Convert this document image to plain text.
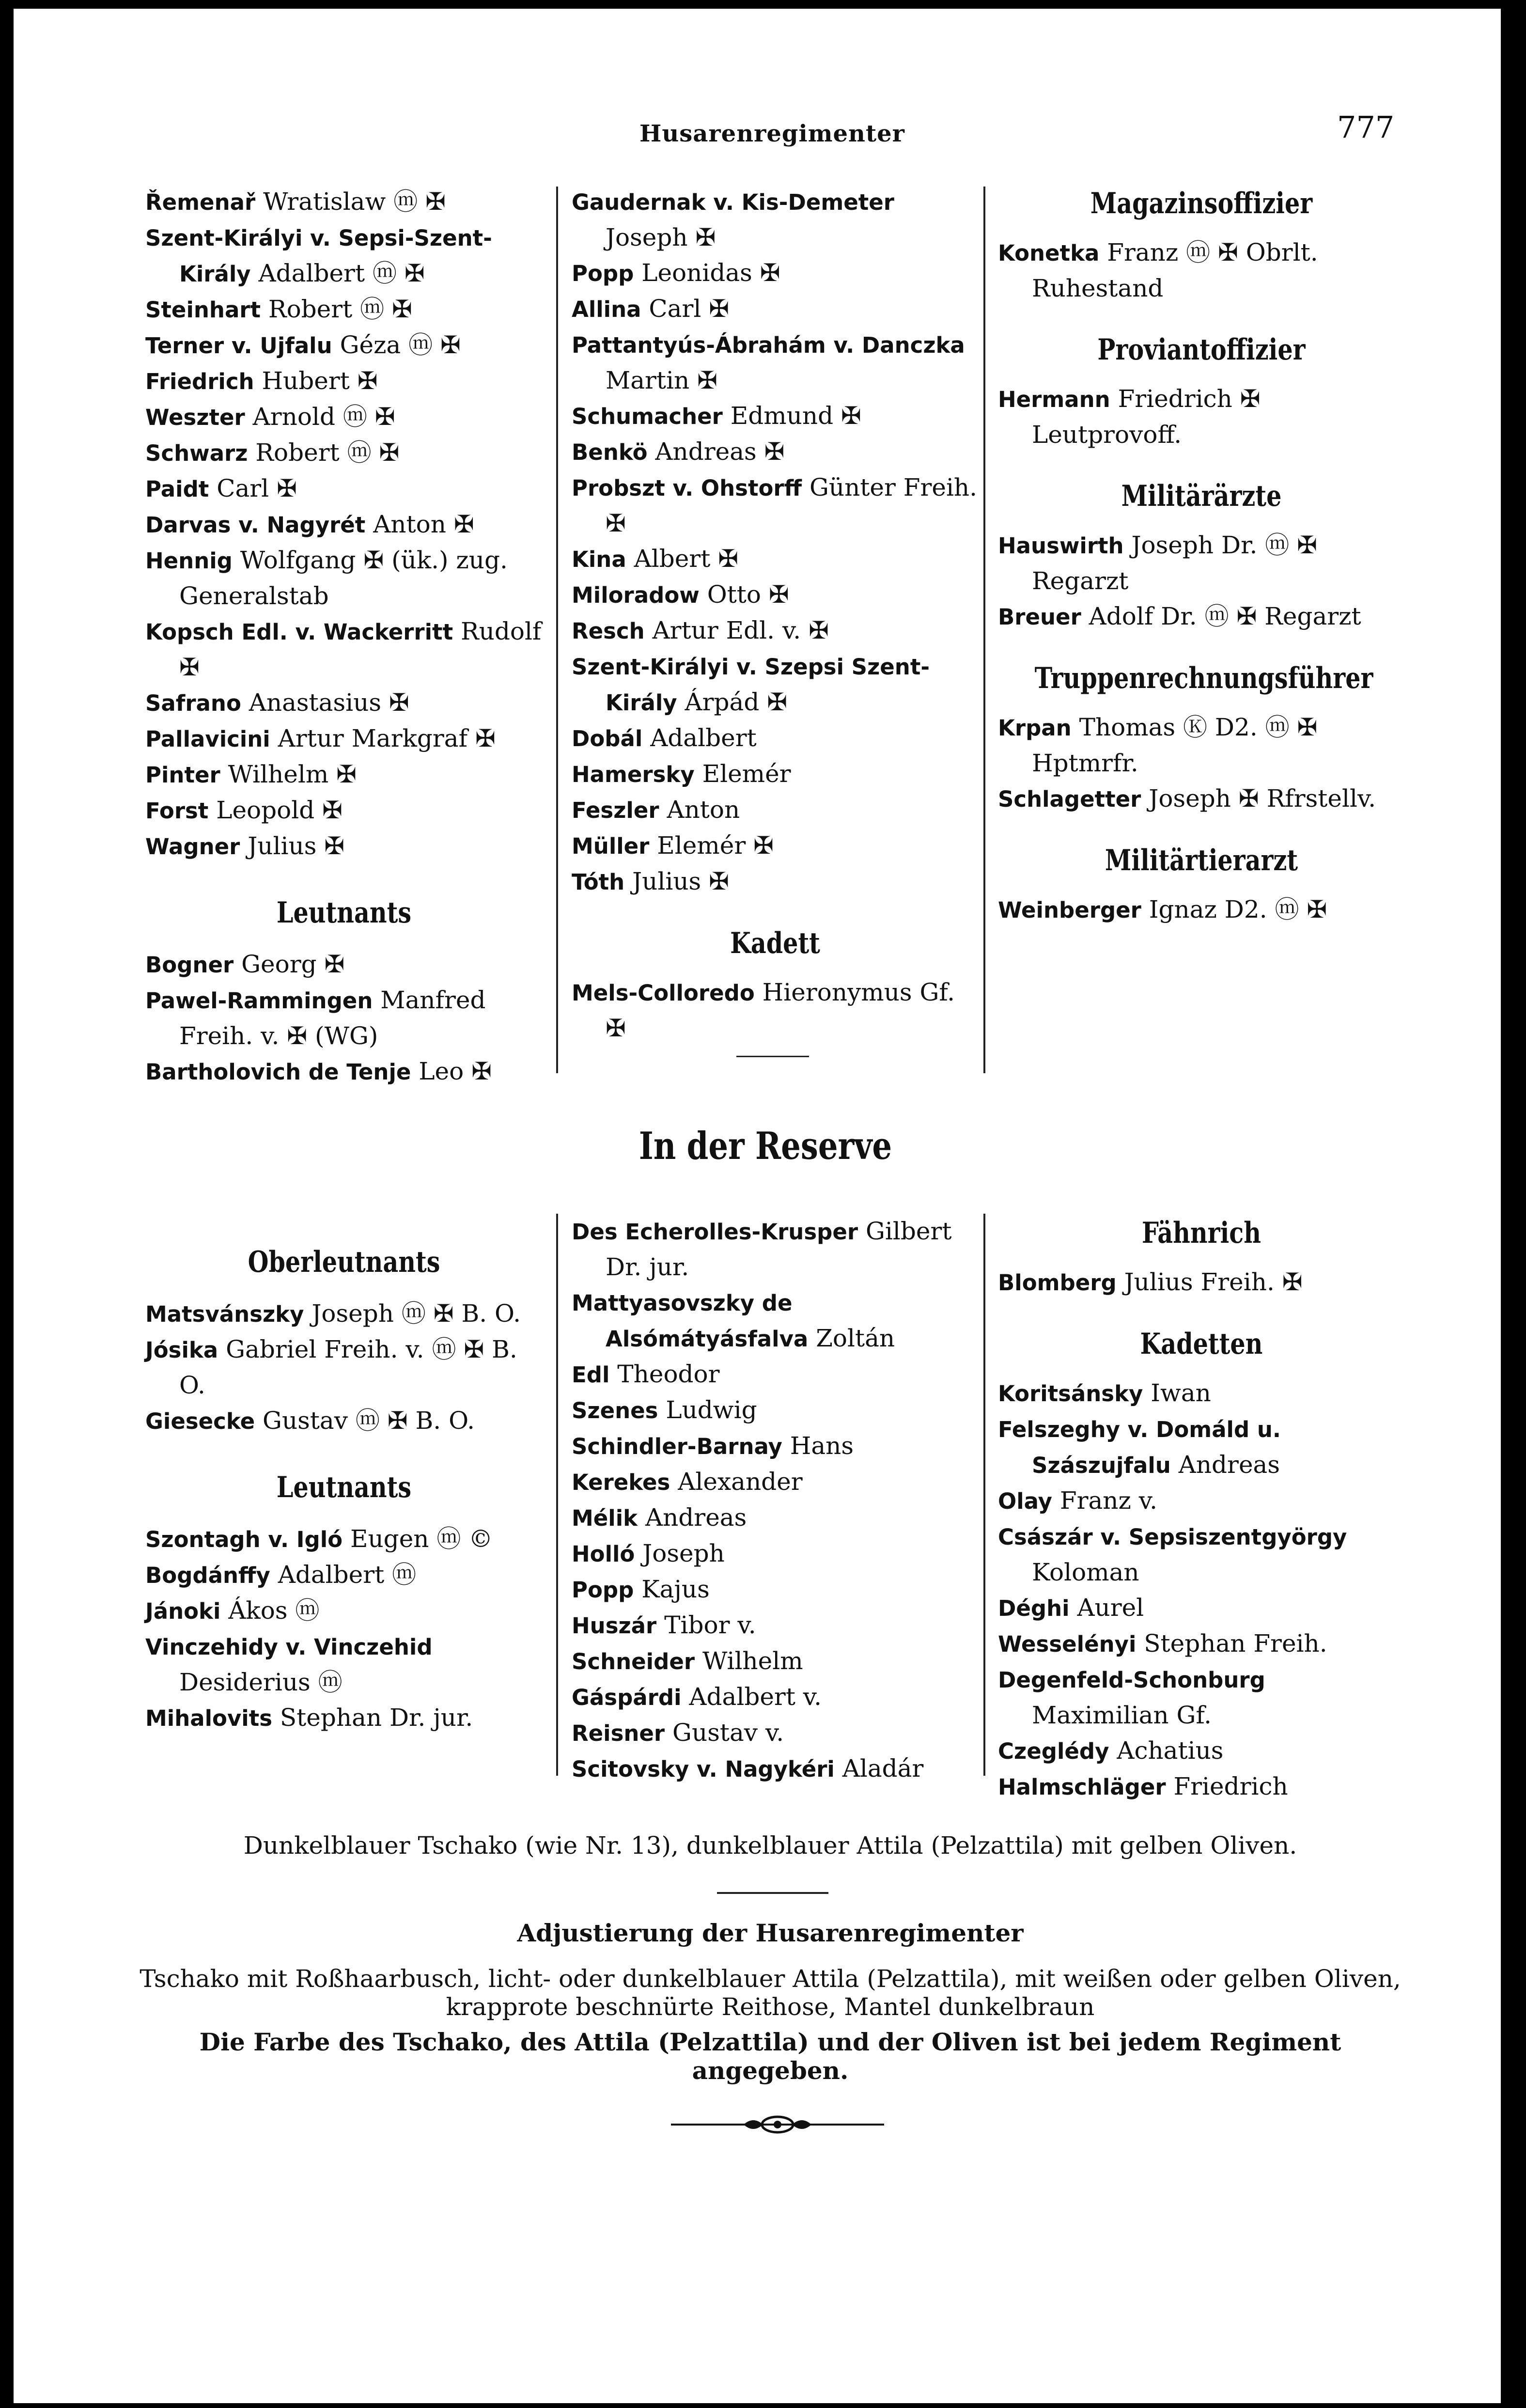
Husarenregimenter	777
Řemenař Wratislaw ⓜ ✠
Szent-Királyi v. Sepsi-Szent-Király Adalbert ⓜ ✠
Steinhart Robert ⓜ ✠
Terner v. Ujfalu Géza ⓜ ✠
Friedrich Hubert ✠
Weszter Arnold ⓜ ✠
Schwarz Robert ⓜ ✠
Paidt Carl ✠
Darvas v. Nagyrét Anton ✠
Hennig Wolfgang ✠ (ük.) zug. Generalstab
Kopsch Edl. v. Wackerritt Rudolf ✠
Safrano Anastasius ✠
Pallavicini Artur Markgraf ✠
Pinter Wilhelm ✠
Forst Leopold ✠
Wagner Julius ✠
Leutnants
Bogner Georg ✠
Pawel-Rammingen Manfred Freih. v. ✠ (WG)
Bartholovich de Tenje Leo ✠
Gaudernak v. Kis-Demeter Joseph ✠
Popp Leonidas ✠
Allina Carl ✠
Pattantyús-Ábrahám v. Danczka Martin ✠
Schumacher Edmund ✠
Benkö Andreas ✠
Probszt v. Ohstorff Günter Freih. ✠
Kina Albert ✠
Miloradow Otto ✠
Resch Artur Edl. v. ✠
Szent-Királyi v. Szepsi Szent-Király Árpád ✠
Dobál Adalbert
Hamersky Elemér
Feszler Anton
Müller Elemér ✠
Tóth Julius ✠
Kadett
Mels-Colloredo Hieronymus Gf. ✠
Magazinsoffizier
Konetka Franz ⓜ ✠ Obrlt. Ruhestand
Proviantoffizier
Hermann Friedrich ✠ Leutprovoff.
Militärärzte
Hauswirth Joseph Dr. ⓜ ✠ Regarzt
Breuer Adolf Dr. ⓜ ✠ Regarzt
Truppenrechnungsführer
Krpan Thomas Ⓚ D2. ⓜ ✠ Hptmrfr.
Schlagetter Joseph ✠ Rfrstellv.
Militärtierarzt
Weinberger Ignaz D2. ⓜ ✠
In der Reserve
Oberleutnants
Matsvánszky Joseph ⓜ ✠ B. O.
Jósika Gabriel Freih. v. ⓜ ✠ B. O.
Giesecke Gustav ⓜ ✠ B. O.
Leutnants
Szontagh v. Igló Eugen ⓜ ©
Bogdánffy Adalbert ⓜ
Jánoki Ákos ⓜ
Vinczehidy v. Vinczehid Desiderius ⓜ
Mihalovits Stephan Dr. jur.
Des Echerolles-Krusper Gilbert Dr. jur.
Mattyasovszky de Alsómátyásfalva Zoltán
Edl Theodor
Szenes Ludwig
Schindler-Barnay Hans
Kerekes Alexander
Mélik Andreas
Holló Joseph
Popp Kajus
Huszár Tibor v.
Schneider Wilhelm
Gáspárdi Adalbert v.
Reisner Gustav v.
Scitovsky v. Nagykéri Aladár
Fähnrich
Blomberg Julius Freih. ✠
Kadetten
Koritsánsky Iwan
Felszeghy v. Domáld u. Szászujfalu Andreas
Olay Franz v.
Császár v. Sepsiszentgyörgy Koloman
Déghi Aurel
Wesselényi Stephan Freih.
Degenfeld-Schonburg Maximilian Gf.
Czeglédy Achatius
Halmschläger Friedrich
Dunkelblauer Tschako (wie Nr. 13), dunkelblauer Attila (Pelzattila) mit gelben Oliven.
Adjustierung der Husarenregimenter
Tschako mit Roßhaarbusch, licht- oder dunkelblauer Attila (Pelzattila), mit weißen oder gelben Oliven, krapprote beschnürte Reithose, Mantel dunkelbraun
Die Farbe des Tschako, des Attila (Pelzattila) und der Oliven ist bei jedem Regiment angegeben.
